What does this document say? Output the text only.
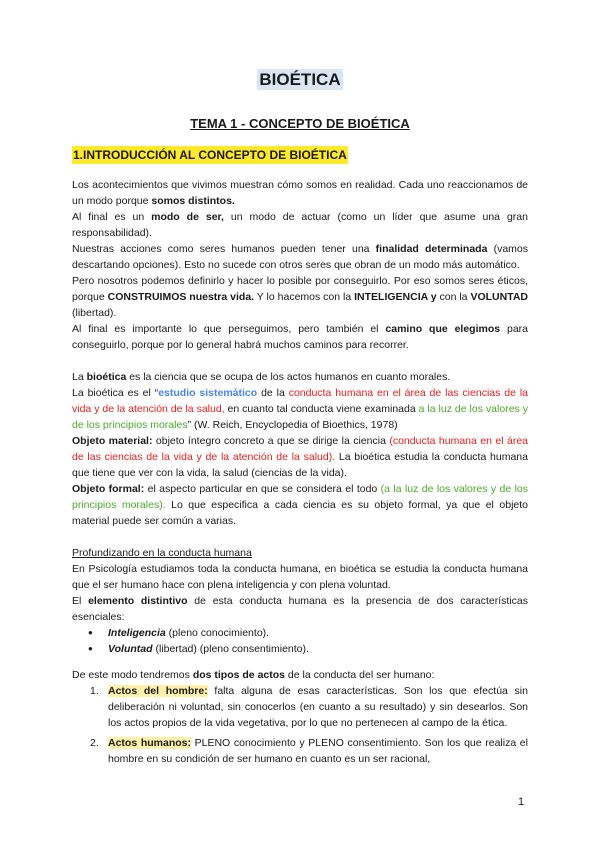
BIOÉTICA
TEMA 1 - CONCEPTO DE BIOÉTICA
1.INTRODUCCIÓN AL CONCEPTO DE BIOÉTICA

Los acontecimientos que vivimos muestran cómo somos en realidad. Cada uno reaccionamos de un modo porque somos distintos.

Al final es un modo de ser, un modo de actuar (como un líder que asume una gran responsabilidad).

Nuestras acciones como seres humanos pueden tener una finalidad determinada (vamos descartando opciones). Esto no sucede con otros seres que obran de un modo más automático.

Pero nosotros podemos definirlo y hacer lo posible por conseguirlo. Por eso somos seres éticos, porque CONSTRUIMOS nuestra vida. Y lo hacemos con la INTELIGENCIA y con la VOLUNTAD (libertad).

Al final es importante lo que perseguimos, pero también el camino que elegimos para conseguirlo, porque por lo general habrá muchos caminos para recorrer.

La bioética es la ciencia que se ocupa de los actos humanos en cuanto morales.

La bioética es el “estudio sistemático de la conducta humana en el área de las ciencias de la vida y de la atención de la salud, en cuanto tal conducta viene examinada a la luz de los valores y de los principios morales” (W. Reich, Encyclopedia of Bioethics, 1978)

Objeto material: objeto íntegro concreto a que se dirige la ciencia (conducta humana en el área de las ciencias de la vida y de la atención de la salud). La bioética estudia la conducta humana que tiene que ver con la vida, la salud (ciencias de la vida).

Objeto formal: el aspecto particular en que se considera el todo (a la luz de los valores y de los principios morales). Lo que especifica a cada ciencia es su objeto formal, ya que el objeto material puede ser común a varias.

Profundizando en la conducta humana

En Psicología estudiamos toda la conducta humana, en bioética se estudia la conducta humana que el ser humano hace con plena inteligencia y con plena voluntad.

El elemento distintivo de esta conducta humana es la presencia de dos características esenciales:

● Inteligencia (pleno conocimiento).
● Voluntad (libertad) (pleno consentimiento).

De este modo tendremos dos tipos de actos de la conducta del ser humano:

1. Actos del hombre: falta alguna de esas características. Son los que efectúa sin deliberación ni voluntad, sin conocerlos (en cuanto a su resultado) y sin desearlos. Son los actos propios de la vida vegetativa, por lo que no pertenecen al campo de la ética.
2. Actos humanos: PLENO conocimiento y PLENO consentimiento. Son los que realiza el hombre en su condición de ser humano en cuanto es un ser racional,
1
